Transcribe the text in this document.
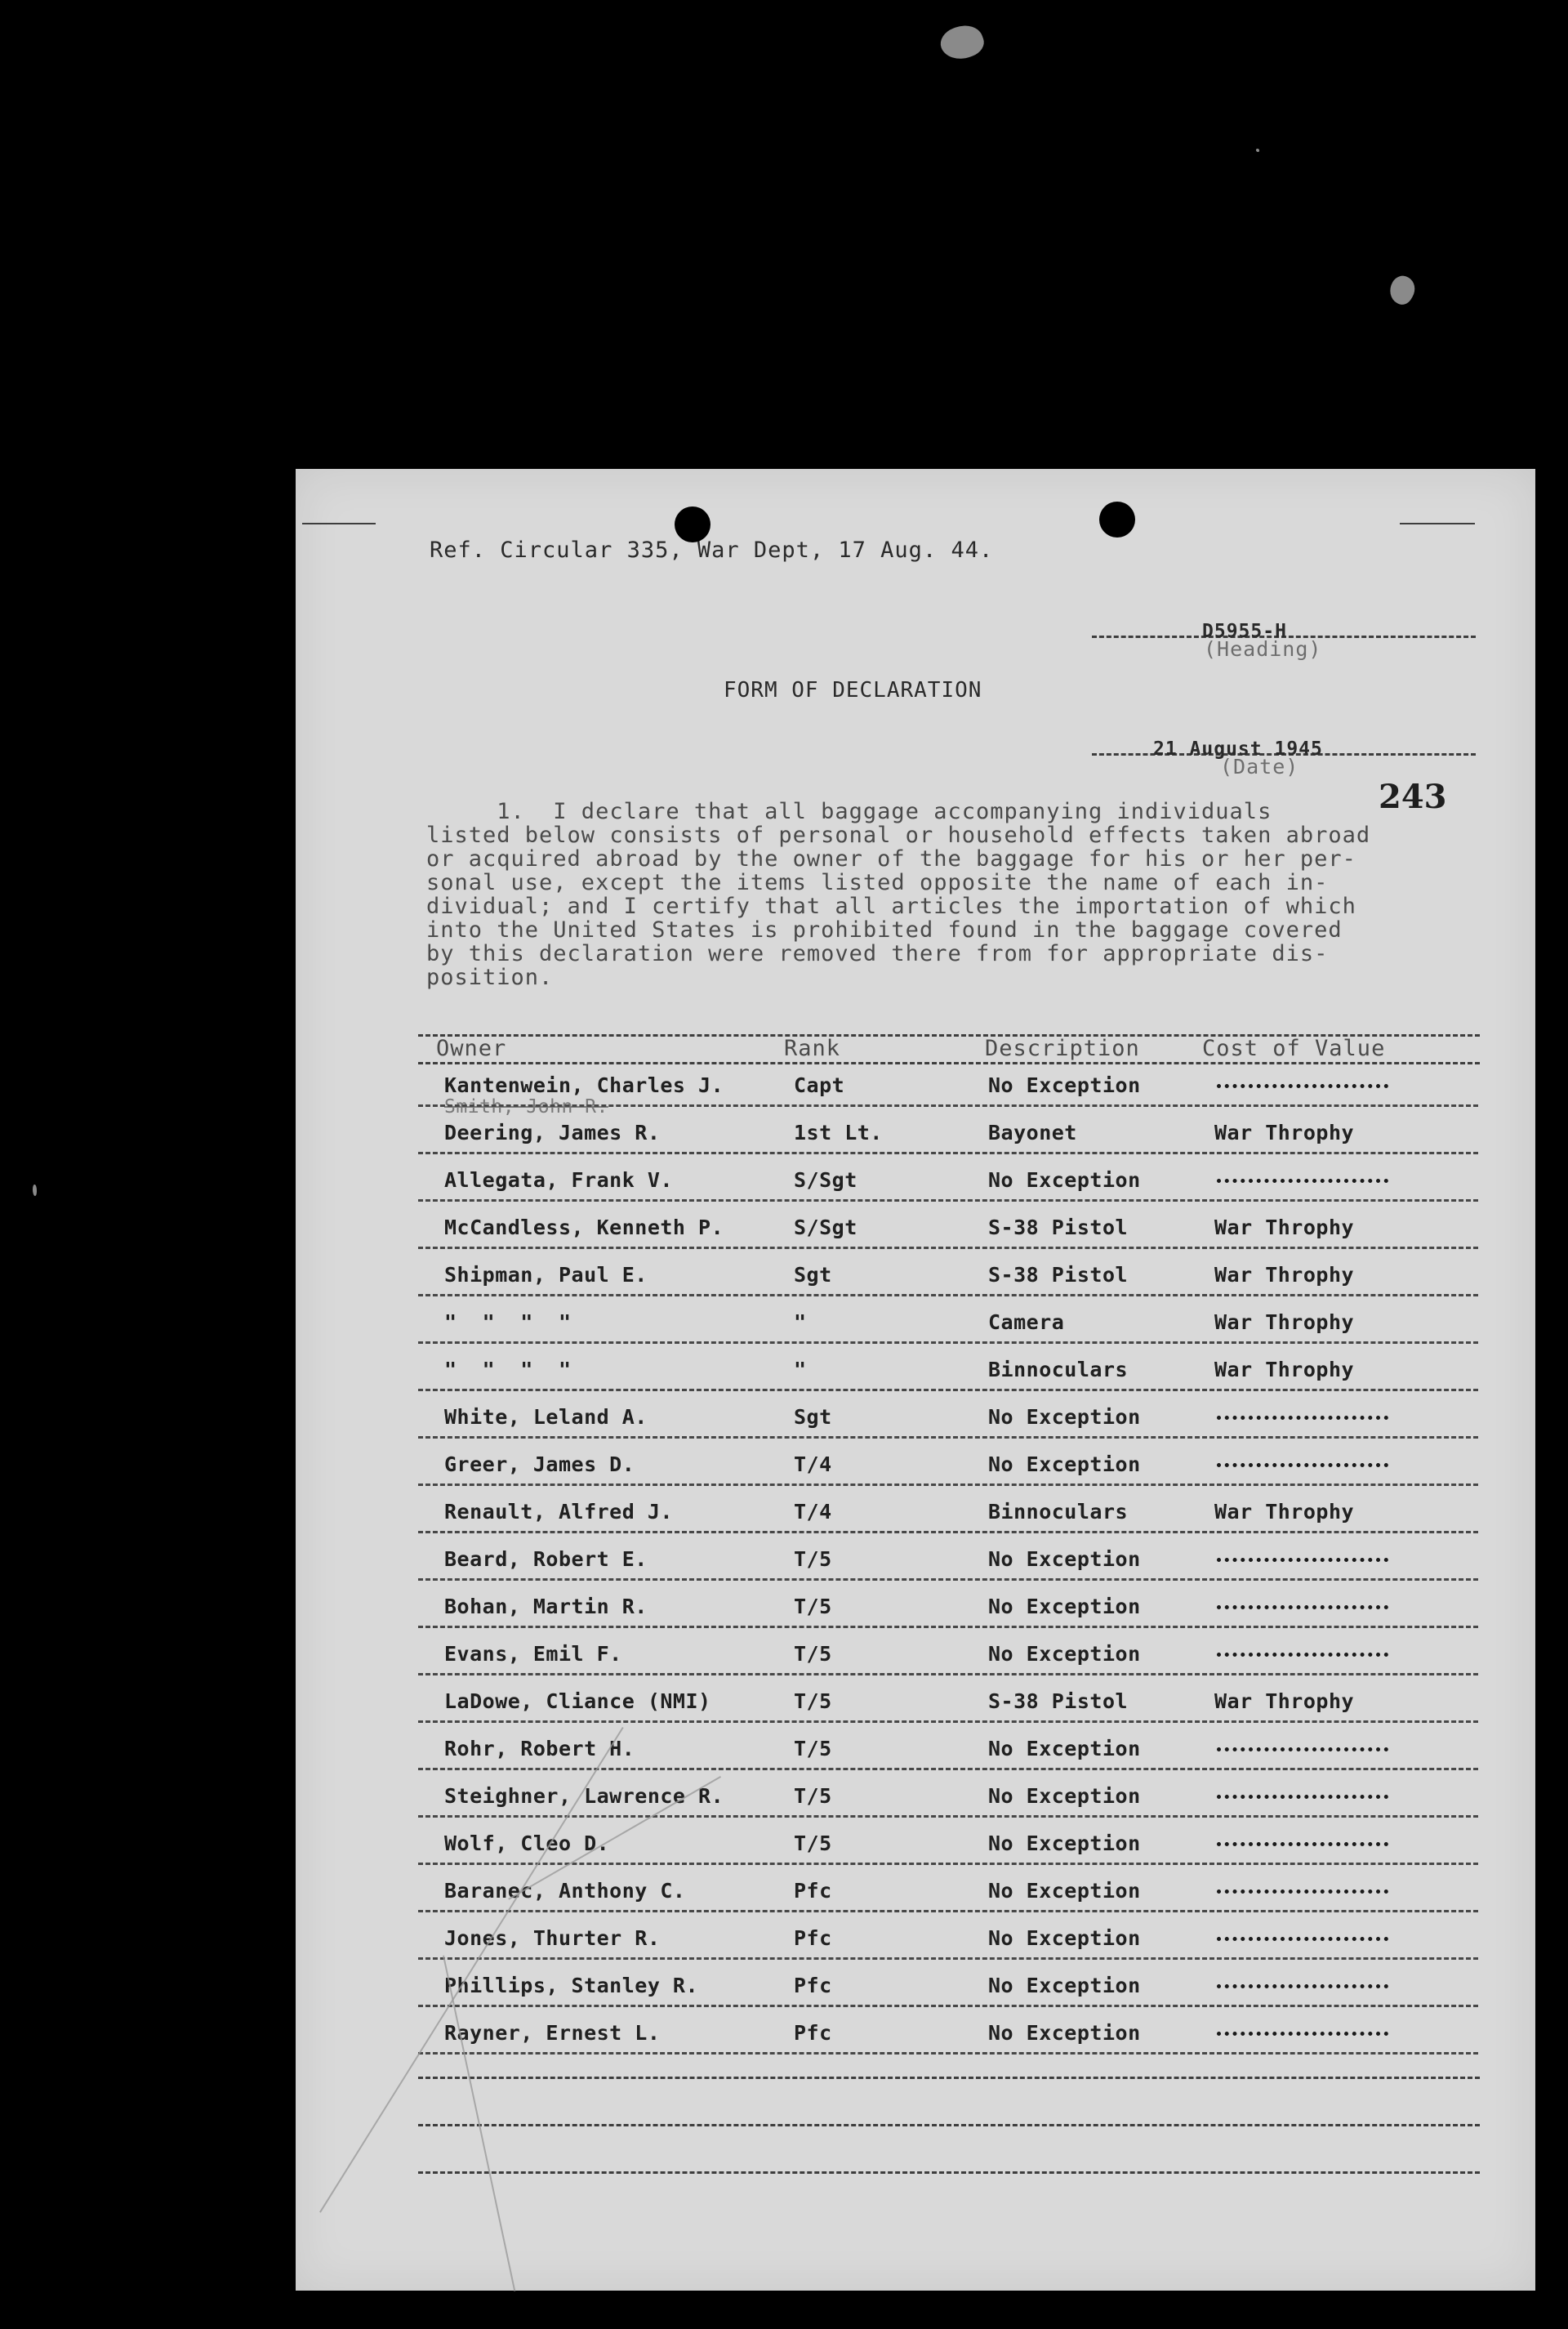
Ref. Circular 335, War Dept, 17 Aug. 44.
D5955-H
(Heading)
FORM OF DECLARATION
21 August 1945
(Date)
243
1.  I declare that all baggage accompanying individuals
listed below consists of personal or household effects taken abroad
or acquired abroad by the owner of the baggage for his or her per-
sonal use, except the items listed opposite the name of each in-
dividual; and I certify that all articles the importation of which
into the United States is prohibited found in the baggage covered
by this declaration were removed there from for appropriate dis-
position.
Owner	Rank	Description	Cost of Value
Kantenwein, Charles J.	Capt	No Exception
Smith, John R.
Deering, James R.	1st Lt.	Bayonet	War Throphy
Allegata, Frank V.	S/Sgt	No Exception
McCandless, Kenneth P.	S/Sgt	S-38 Pistol	War Throphy
Shipman, Paul E.	Sgt	S-38 Pistol	War Throphy
"  "  "  "	"	Camera	War Throphy
"  "  "  "	"	Binnoculars	War Throphy
White, Leland A.	Sgt	No Exception
Greer, James D.	T/4	No Exception
Renault, Alfred J.	T/4	Binnoculars	War Throphy
Beard, Robert E.	T/5	No Exception
Bohan, Martin R.	T/5	No Exception
Evans, Emil F.	T/5	No Exception
LaDowe, Cliance (NMI)	T/5	S-38 Pistol	War Throphy
Rohr, Robert H.	T/5	No Exception
Steighner, Lawrence R.	T/5	No Exception
Wolf, Cleo D.	T/5	No Exception
Baranec, Anthony C.	Pfc	No Exception
Jones, Thurter R.	Pfc	No Exception
Phillips, Stanley R.	Pfc	No Exception
Rayner, Ernest L.	Pfc	No Exception
